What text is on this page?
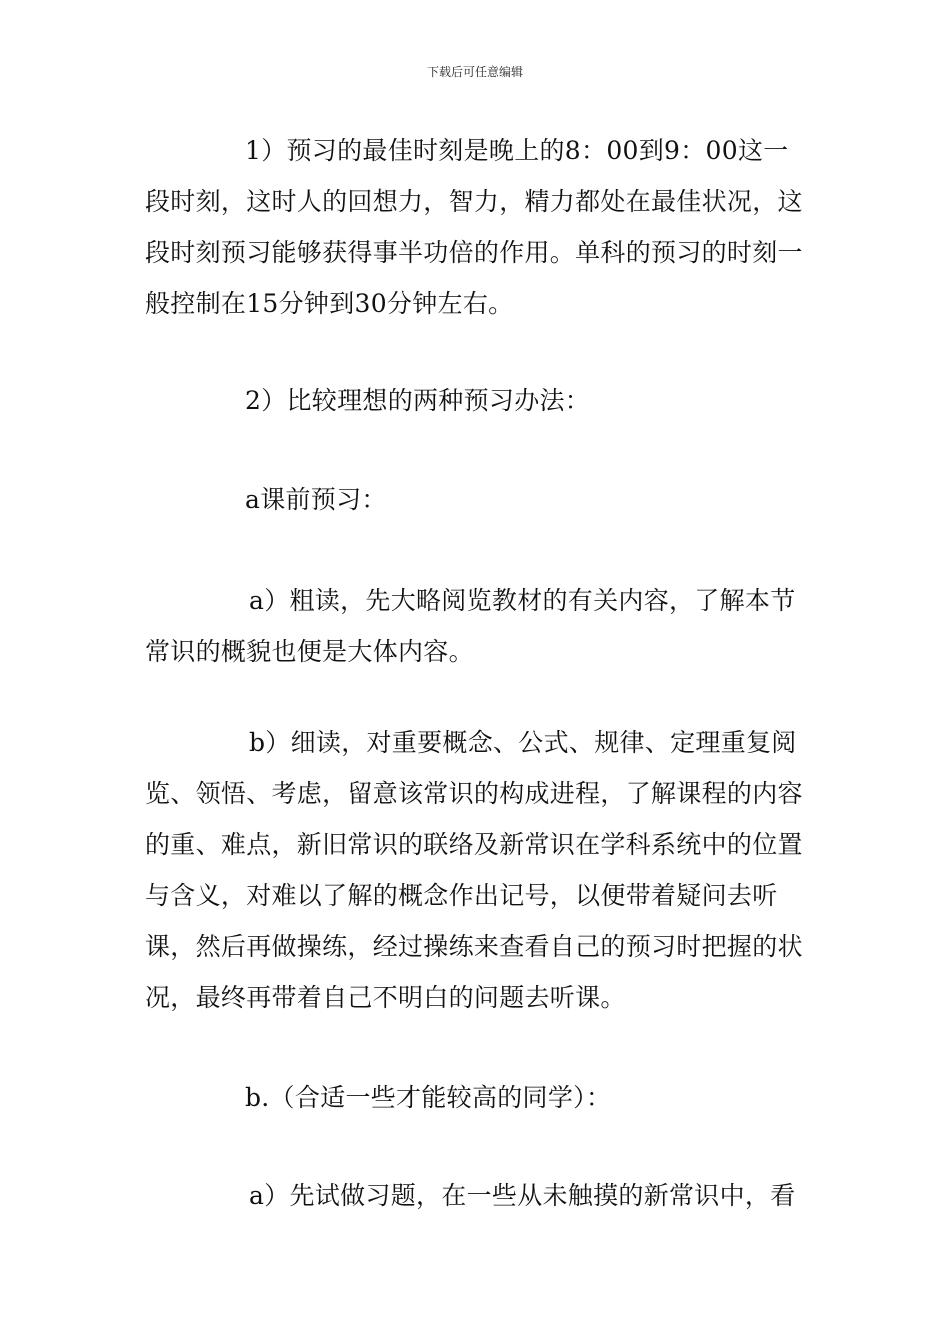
下载后可任意编辑

1）预习的最佳时刻是晚上的8：00到9：00这一段时刻，这时人的回想力，智力，精力都处在最佳状况，这段时刻预习能够获得事半功倍的作用。单科的预习的时刻一般控制在15分钟到30分钟左右。

2）比较理想的两种预习办法：

a课前预习：

a）粗读，先大略阅览教材的有关内容，了解本节常识的概貌也便是大体内容。

b）细读，对重要概念、公式、规律、定理重复阅览、领悟、考虑，留意该常识的构成进程，了解课程的内容的重、难点，新旧常识的联络及新常识在学科系统中的位置与含义，对难以了解的概念作出记号，以便带着疑问去听课，然后再做操练，经过操练来查看自己的预习时把握的状况，最终再带着自己不明白的问题去听课。

b.（合适一些才能较高的同学）：

a）先试做习题，在一些从未触摸的新常识中，看
